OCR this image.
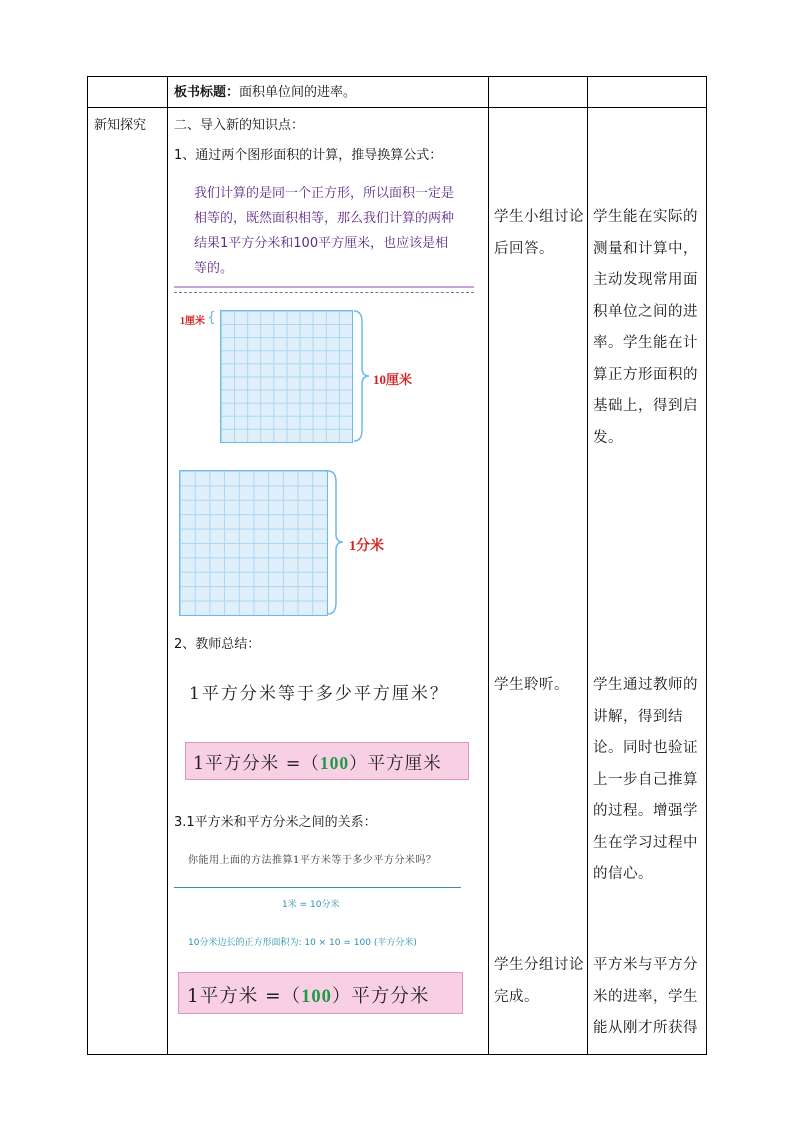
板书标题：面积单位间的进率。
新知探究 二、导入新的知识点：
1、通过两个图形面积的计算，推导换算公式：
我们计算的是同一个正方形，所以面积一定是相等的，既然面积相等，那么我们计算的两种结果1平方分米和100平方厘米，也应该是相等的。
1厘米 {
10厘米
1分米
2、教师总结：
1平方分米等于多少平方厘米？
1平方分米 =（100）平方厘米
3.1平方米和平方分米之间的关系：
你能用上面的方法推算1平方米等于多少平方分米吗？
1米 = 10分米
10分米边长的正方形面积为: 10 × 10 = 100 (平方分米)
1平方米 =（100）平方分米
学生小组讨论后回答。
学生聆听。
学生分组讨论完成。
学生能在实际的测量和计算中，主动发现常用面积单位之间的进率。学生能在计算正方形面积的基础上，得到启发。
学生通过教师的讲解，得到结论。同时也验证上一步自己推算的过程。增强学生在学习过程中的信心。
平方米与平方分米的进率，学生能从刚才所获得
